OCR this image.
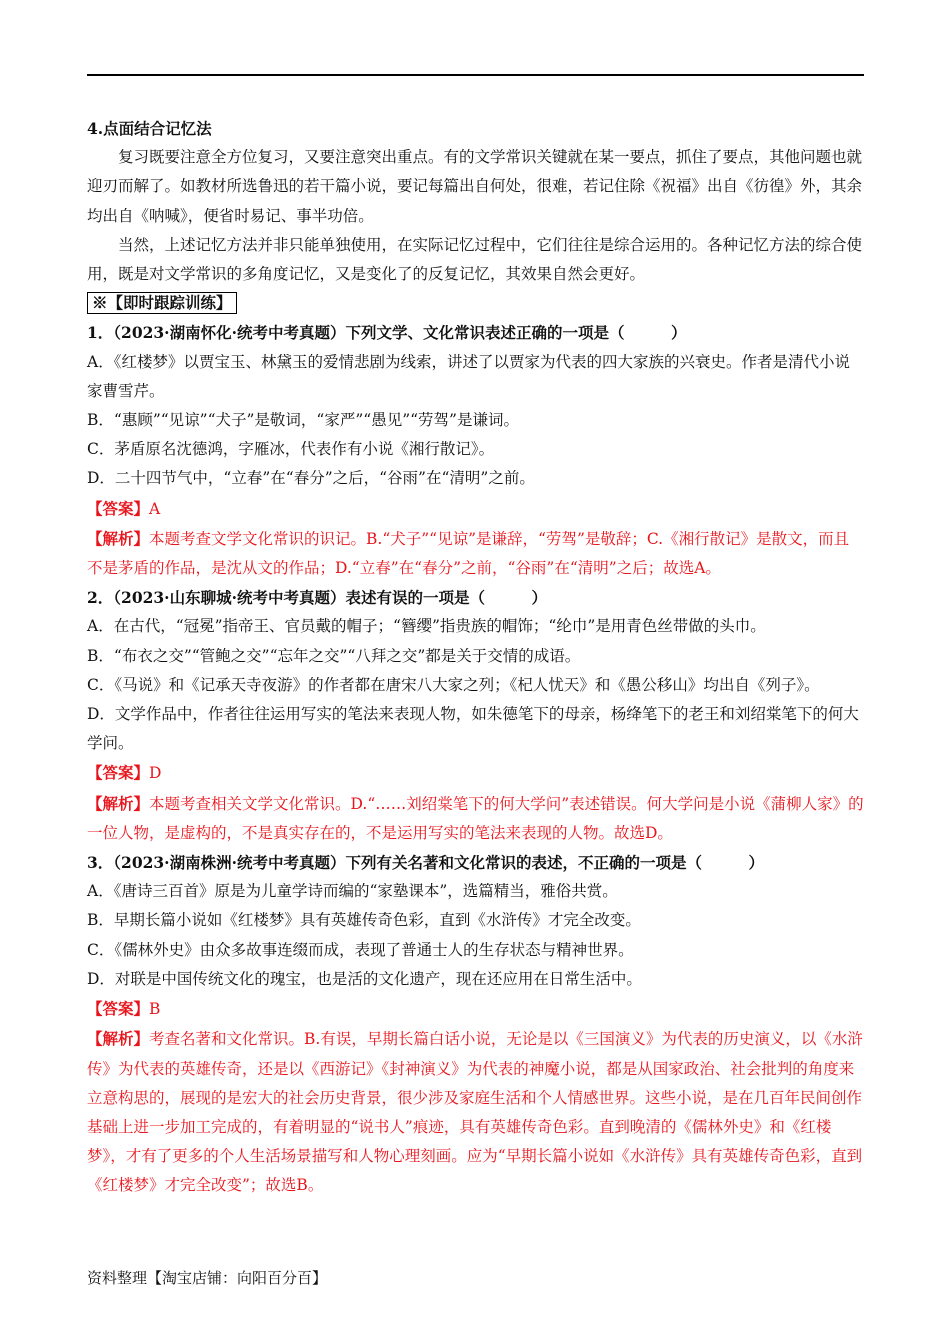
4.点面结合记忆法

复习既要注意全方位复习，又要注意突出重点。有的文学常识关键就在某一要点，抓住了要点，其他问题也就迎刃而解了。如教材所选鲁迅的若干篇小说，要记每篇出自何处，很难，若记住除《祝福》出自《彷徨》外，其余均出自《呐喊》，便省时易记、事半功倍。

当然，上述记忆方法并非只能单独使用，在实际记忆过程中，它们往往是综合运用的。各种记忆方法的综合使用，既是对文学常识的多角度记忆，又是变化了的反复记忆，其效果自然会更好。

※【即时跟踪训练】

1．（2023·湖南怀化·统考中考真题）下列文学、文化常识表述正确的一项是（　　　）

A．《红楼梦》以贾宝玉、林黛玉的爱情悲剧为线索，讲述了以贾家为代表的四大家族的兴衰史。作者是清代小说家曹雪芹。

B．“惠顾”“见谅”“犬子”是敬词，“家严”“愚见”“劳驾”是谦词。

C．茅盾原名沈德鸿，字雁冰，代表作有小说《湘行散记》。

D．二十四节气中，“立春”在“春分”之后，“谷雨”在“清明”之前。

【答案】A

【解析】本题考查文学文化常识的识记。B.“犬子”“见谅”是谦辞，“劳驾”是敬辞；C.《湘行散记》是散文，而且不是茅盾的作品，是沈从文的作品；D.“立春”在“春分”之前，“谷雨”在“清明”之后；故选A。

2．（2023·山东聊城·统考中考真题）表述有误的一项是（　　　）

A．在古代，“冠冕”指帝王、官员戴的帽子；“簪缨”指贵族的帽饰；“纶巾”是用青色丝带做的头巾。

B．“布衣之交”“管鲍之交”“忘年之交”“八拜之交”都是关于交情的成语。

C．《马说》和《记承天寺夜游》的作者都在唐宋八大家之列；《杞人忧天》和《愚公移山》均出自《列子》。

D．文学作品中，作者往往运用写实的笔法来表现人物，如朱德笔下的母亲，杨绛笔下的老王和刘绍棠笔下的何大学问。

【答案】D

【解析】本题考查相关文学文化常识。D.“……刘绍棠笔下的何大学问”表述错误。何大学问是小说《蒲柳人家》的一位人物，是虚构的，不是真实存在的，不是运用写实的笔法来表现的人物。故选D。

3．（2023·湖南株洲·统考中考真题）下列有关名著和文化常识的表述，不正确的一项是（　　　）

A．《唐诗三百首》原是为儿童学诗而编的“家塾课本”，选篇精当，雅俗共赏。

B．早期长篇小说如《红楼梦》具有英雄传奇色彩，直到《水浒传》才完全改变。

C．《儒林外史》由众多故事连缀而成，表现了普通士人的生存状态与精神世界。

D．对联是中国传统文化的瑰宝，也是活的文化遗产，现在还应用在日常生活中。

【答案】B

【解析】考查名著和文化常识。B.有误，早期长篇白话小说，无论是以《三国演义》为代表的历史演义，以《水浒传》为代表的英雄传奇，还是以《西游记》《封神演义》为代表的神魔小说，都是从国家政治、社会批判的角度来立意构思的，展现的是宏大的社会历史背景，很少涉及家庭生活和个人情感世界。这些小说，是在几百年民间创作基础上进一步加工完成的，有着明显的“说书人”痕迹，具有英雄传奇色彩。直到晚清的《儒林外史》和《红楼梦》，才有了更多的个人生活场景描写和人物心理刻画。应为“早期长篇小说如《水浒传》具有英雄传奇色彩，直到《红楼梦》才完全改变”；故选B。

资料整理【淘宝店铺：向阳百分百】
